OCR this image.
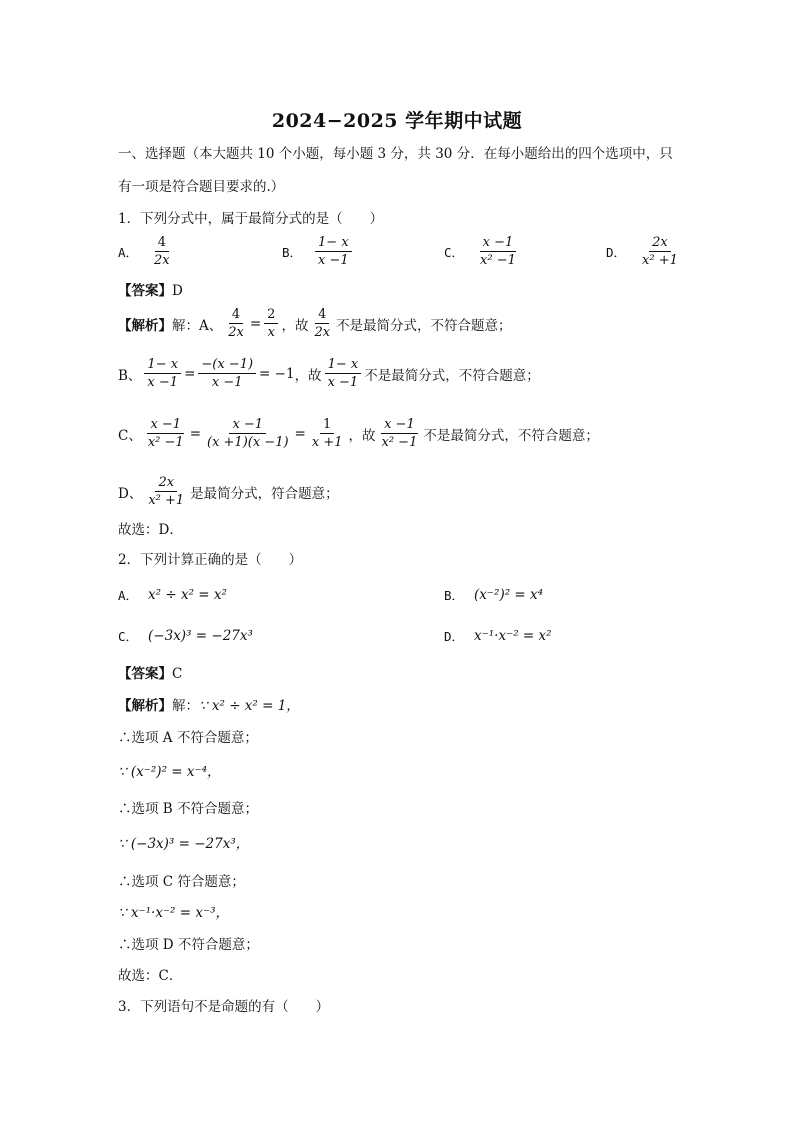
2024−2025 学年期中试题
一、选择题（本大题共 10 个小题，每小题 3 分，共 30 分．在每小题给出的四个选项中，只
有一项是符合题目要求的.）
1．下列分式中，属于最简分式的是（　　）
A． $\frac{4}{2x}$	B． $\frac{1- x}{x -1}$	C． $\frac{x -1}{\text{x² −1}}$	D． $\frac{2x}{\text{x² +1}}$
【答案】D
【解析】 解： A、 $\frac{4}{2x} = \frac{2}{x}$ ，故 $\frac{4}{2x}$ 不是最简分式，不符合题意；
B、 $\frac{1- x}{x -1} = \frac{-(x -1)}{x -1} = -1$ ，故 $\frac{1- x}{x -1}$ 不是最简分式，不符合题意；
C、 $\frac{x -1}{\text{x² −1}} = \frac{x -1}{(x +1)(x -1)} = \frac{1}{x +1}$ ，故 $\frac{x -1}{\text{x² −1}}$ 不是最简分式，不符合题意；
D、 $\frac{2x}{\text{x² +1}}$ 是最简分式，符合题意；
故选：D．
2．下列计算正确的是（　　）
A． x² ÷ x² = x²	B． (x⁻²)² = x⁴
C． (−3x)³ = −27x³	D． x⁻¹·x⁻² = x²
【答案】C
【解析】解：∵ x² ÷ x² = 1，
∴选项 A 不符合题意；
∵ (x⁻²)² = x⁻⁴，
∴选项 B 不符合题意；
∵ (−3x)³ = −27x³，
∴选项 C 符合题意；
∵ x⁻¹·x⁻² = x⁻³，
∴选项 D 不符合题意；
故选：C．
3．下列语句不是命题的有（　　）
